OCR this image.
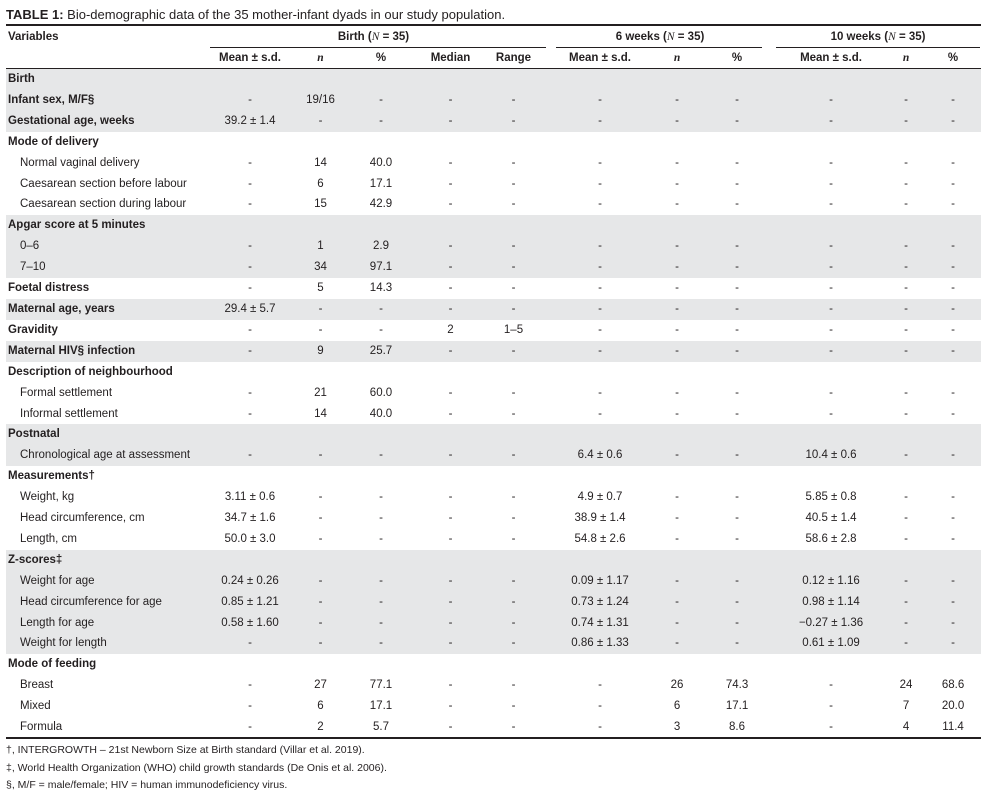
TABLE 1: Bio-demographic data of the 35 mother-infant dyads in our study population.
Variables	Birth (N = 35)					6 weeks (N = 35)			10 weeks (N = 35)		
	Mean ± s.d.	n	%	Median	Range	Mean ± s.d.	n	%	Mean ± s.d.	n	%
Birth											
Infant sex, M/F§	-	19/16	-	-	-	-	-	-	-	-	-
Gestational age, weeks	39.2 ± 1.4	-	-	-	-	-	-	-	-	-	-
Mode of delivery											
Normal vaginal delivery	-	14	40.0	-	-	-	-	-	-	-	-
Caesarean section before labour	-	6	17.1	-	-	-	-	-	-	-	-
Caesarean section during labour	-	15	42.9	-	-	-	-	-	-	-	-
Apgar score at 5 minutes											
0–6	-	1	2.9	-	-	-	-	-	-	-	-
7–10	-	34	97.1	-	-	-	-	-	-	-	-
Foetal distress	-	5	14.3	-	-	-	-	-	-	-	-
Maternal age, years	29.4 ± 5.7	-	-	-	-	-	-	-	-	-	-
Gravidity	-	-	-	2	1–5	-	-	-	-	-	-
Maternal HIV§ infection	-	9	25.7	-	-	-	-	-	-	-	-
Description of neighbourhood											
Formal settlement	-	21	60.0	-	-	-	-	-	-	-	-
Informal settlement	-	14	40.0	-	-	-	-	-	-	-	-
Postnatal											
Chronological age at assessment	-	-	-	-	-	6.4 ± 0.6	-	-	10.4 ± 0.6	-	-
Measurements†											
Weight, kg	3.11 ± 0.6	-	-	-	-	4.9 ± 0.7	-	-	5.85 ± 0.8	-	-
Head circumference, cm	34.7 ± 1.6	-	-	-	-	38.9 ± 1.4	-	-	40.5 ± 1.4	-	-
Length, cm	50.0 ± 3.0	-	-	-	-	54.8 ± 2.6	-	-	58.6 ± 2.8	-	-
Z-scores‡											
Weight for age	0.24 ± 0.26	-	-	-	-	0.09 ± 1.17	-	-	0.12 ± 1.16	-	-
Head circumference for age	0.85 ± 1.21	-	-	-	-	0.73 ± 1.24	-	-	0.98 ± 1.14	-	-
Length for age	0.58 ± 1.60	-	-	-	-	0.74 ± 1.31	-	-	−0.27 ± 1.36	-	-
Weight for length	-	-	-	-	-	0.86 ± 1.33	-	-	0.61 ± 1.09	-	-
Mode of feeding											
Breast	-	27	77.1	-	-	-	26	74.3	-	24	68.6
Mixed	-	6	17.1	-	-	-	6	17.1	-	7	20.0
Formula	-	2	5.7	-	-	-	3	8.6	-	4	11.4
†, INTERGROWTH – 21st Newborn Size at Birth standard (Villar et al. 2019).
‡, World Health Organization (WHO) child growth standards (De Onis et al. 2006).
§, M/F = male/female; HIV = human immunodeficiency virus.
